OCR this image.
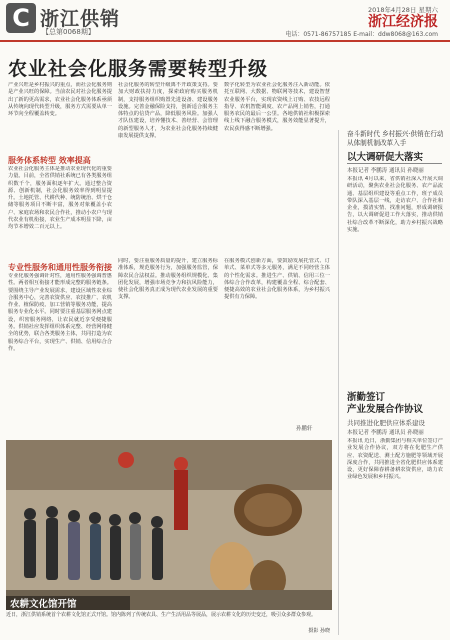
C 浙江供销
【总第0068期】
2018年4月28日 星期六
浙江经济报
电话：0571-86757185 E-mail：ddw8068@163.com
农业社会化服务需要转型升级
产业兴旺是乡村振兴的重点，而社会化服务则是产业兴旺的保障。当前农民对社会化服务提出了新的更高需求，农业社会化服务体系亟须从传统向现代转型升级，服务方式需要从单一环节向全程覆盖转变。
服务体系转型 效率提高
农业社会化服务主体是推动农业现代化的重要力量。目前，全省供销社系统已有各类服务组织数千个，服务面积逐年扩大。通过整合资源、创新机制，社会化服务效率得到明显提升。土地托管、代耕代种、统防统治、烘干仓储等服务项目不断丰富，服务对象覆盖小农户、家庭农场和农民合作社，推动小农户与现代农业有机衔接，农业生产成本明显下降，亩均节本增效二百元以上。
专业性服务和通用性服务衔接
专业化服务强调针对性，通用性服务强调普惠性。两者相互衔接才能形成完整的服务链条。要围绕主导产业发展需求，建设区域性农业综合服务中心，完善农资供应、农技推广、农机作业、植保防疫、加工营销等服务功能，提高服务专业化水平。同时要注重基层服务网点建设，织密服务网络，让农民就近享受便捷服务。供销社应发挥组织体系完整、经营网络健全的优势，联合各类服务主体，共同打造为农服务综合平台，实现生产、供销、信用综合合作。
社会化服务的转型升级离不开政策支持。要加大财政扶持力度，探索政府购买服务机制，支持服务组织购置先进设备、建设服务设施。完善金融保险支持，创新适合服务主体特点的信贷产品，降低服务风险。加强人才队伍建设，培养懂技术、善经营、会管理的新型服务人才，为农业社会化服务持续健康发展提供支撑。
同时，要注重服务质量的提升，建立服务标准体系，规范服务行为，加强服务监管，保障农民合法权益。推动服务组织规模化、集团化发展，增强市场竞争力和抗风险能力，使社会化服务真正成为现代农业发展的重要支撑。
数字化转型为农业社会化服务注入新动能。依托互联网、大数据、物联网等技术，建设智慧农业服务平台，实现农资线上订购、农技远程指导、农机智能调度、农产品网上销售，打通服务农民的最后一公里。各地供销社积极探索线上线下融合服务模式，服务效能显著提升，农民获得感不断增强。
在服务模式创新方面，要鼓励发展托管式、订单式、菜单式等多元服务，满足不同经营主体的个性化需求。推进生产、供销、信用三位一体综合合作改革，构建覆盖全程、综合配套、便捷高效的农业社会化服务体系，为乡村振兴提供有力保障。
孙鹏轩
奋斗新时代 乡村振兴·供销在行动 从体制机制改革入手
以大调研促大落实
本报记者 李鹏涛 通讯员 孙晓丽
本报讯 4月以来，省供销社深入开展大调研活动，聚焦农业社会化服务、农产品流通、基层组织建设等重点工作，班子成员带队深入基层一线，走访农户、合作社和企业，摸清实情、找准问题，形成调研报告，以大调研促进工作大落实，推动供销社综合改革不断深化，助力乡村振兴战略实施。
浙勤签订
产业发展合作协议
共同推进化肥供应体系建设
本报记者 李鹏涛 通讯员 孙晓丽
本报讯 近日，浙勤集团与相关单位签订产业发展合作协议，双方将在化肥生产供应、农资配送、测土配方施肥等领域开展深度合作，共同推进全省化肥供应体系建设，更好保障春耕备耕农资供应，助力农业绿色发展和乡村振兴。
农耕文化馆开馆
近日，浙江供销系统首个农耕文化馆正式开馆。馆内陈列了传统农具、生产生活用品等展品，展示农耕文化的历史变迁，吸引众多群众参观。
摄影 孙晓
